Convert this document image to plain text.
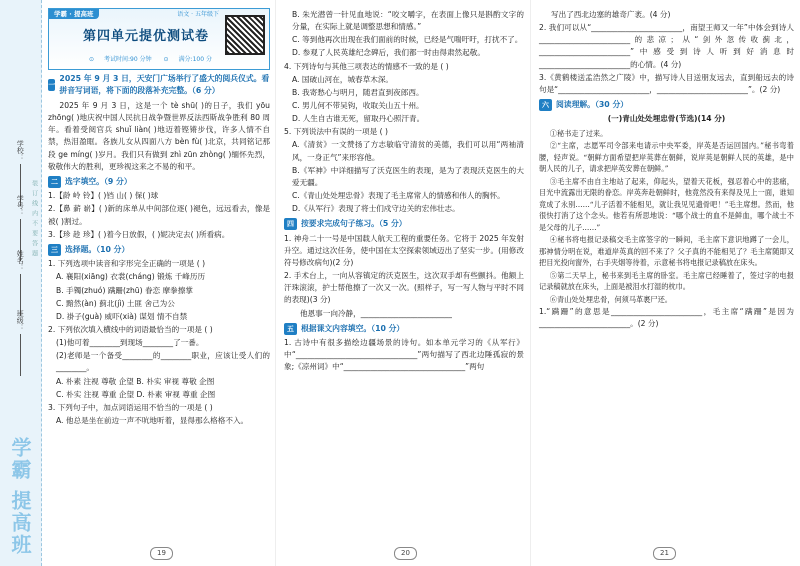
学校：
学号：
姓名：
班级：
装订线内不要答题
学霸 提高班
学霸 · 提高班	语文 · 五年级下
第四单元提优测试卷
⊙ 考试时间:90 分钟 ⊙ 满分:100 分
一
2025 年 9 月 3 日，天安门广场举行了盛大的阅兵仪式。看拼音写词语，将下面的段落补充完整。（6 分）
2025 年 9 月 3 日，这是一个 tè shū( )的日子，我们 yōu zhōng( )地庆祝中国人民抗日战争暨世界反法西斯战争胜利 80 周年。看着受阅官兵 shuǐ liàn( )地迈着铿锵步伐，许多人情不自禁，热泪盈眶。各族儿女从四面八方 bèn fù( )北京，共同铭记那段 ge míng( )岁月。我们只有做到 zhì zūn zhòng( )缅怀先烈，敬敬伟大的胜利，更珍视这来之不易的和平。
二 选字填空。（9 分）
1.【龄 岭 铃】( )铛 山( ) 保( )球
2.【鼻 薪 崭】( )新的床单从中间部位逐( )褪色，远远看去，像是被( )割过。
3.【珍 趁 珍】( )着今日放假，( )妮决定去( )所看病。
三 选择题。（10 分）
1. 下列选项中读音和字形完全正确的一项是 ( )
A. 襄阳(xiāng) 衣裳(cháng) 锻炼 千峰历历
B. 手镯(zhuó) 蹒跚(zhū) 眷恋 摩拳擦掌
C. 黯然(àn) 蓟北(jì) 土匪 舍己为公
D. 褂子(guà) 威吓(xià) 谋划 情不自禁
2. 下列依次填入横线中的词语最恰当的一项是 ( )
(1)他可着________到现场________了一番。
(2)老师是一个备受________的________职业，应该让受人们的________。
A. 朴素 注视 尊敬 企望 B. 朴实 审视 尊敬 企图
C. 朴实 注视 尊重 企望 D. 朴素 审视 尊重 企图
3. 下列句子中，加点词语运用不恰当的一项是 ( )
A. 他总是坐在前边一声不吭地听着，显得那么格格不入。
19
B. 朱光潜曾一针见血地说：“咬文嚼字，在表面上像只是斟酌文字的分量，在实际上就是调整思想和情感。”
C. 等到他再次出现在我们面前的时候，已经是气喘吁吁，打扰不了。
D. 参观了人民英雄纪念碑后，我们都一时由得肃然起敬。
4. 下列诗句与其他三项表达的情感不一致的是 ( )
A. 国破山河在，城春草木深。
B. 我寄愁心与明月，随君直到夜郎西。
C. 男儿何不带吴钩，收取关山五十州。
D. 人生自古谁无死，留取丹心照汗青。
5. 下列说法中有误的一项是 ( )
A.《清贫》一文赞扬了方志敏临守清贫的美德，我们可以用“两袖清风，一身正气”来形容他。
B.《军神》中详细描写了沃克医生的表现，是为了表现沃克医生的大爱无疆。
C.《青山处处埋忠骨》表现了毛主席常人的情感和伟人的胸怀。
D.《从军行》表现了将士们戍守边关的宏伟壮志。
四 按要求完成句子练习。（5 分）
1. 神舟二十一号是中国载人航天工程的重要任务。它将于 2025 年发射升空。通过这次任务，使中国在太空探索领域迈出了坚实一步。(用修改符号修改病句)(2 分)
2. 手术台上，一向从容镇定的沃克医生，这次双手却有些颤抖。他额上汗珠滚滚，护士帮他擦了一次又一次。(照样子，写一写人物与平时不同的表现)(3 分)
他恩事一向冷静，________________________
五 根据课文内容填空。（10 分）
1. 古诗中有很多描绘边疆场景的诗句。如本单元学习的《从军行》中“________________________________”两句描写了西北边陲孤寂的景象;《凉州词》中“________________________________”两句
20
写出了西北边塞的雄奇广袤。(4 分)
2. 我们可以从“________________________，南望王师又一年”中体会到诗人________________________的悲凉；从“剑外忽传收蓟北，________________________”中感受到诗人听到好消息时________________________的心情。(4 分)
3.《黄鹤楼送孟浩然之广陵》中，描写诗人目送朋友远去，直到船远去的诗句是“________________________，________________________”。(2 分)
六 阅读理解。（30 分）
(一)青山处处埋忠骨(节选)(14 分)
①秘书走了过来。
②“主席，志愿军司令部来电请示中央军委，岸英是否运回国内。”秘书弯着腰，轻声说。“朝鲜方面希望把岸英葬在朝鲜，说岸英是朝鲜人民的英雄，是中朝人民的儿子，请求把岸英安葬在朝鲜。”
③毛主席不由自主地站了起来，仰起头，望着天花板，强忍着心中的悲痛，目光中流露出无限的眷恋。岸英奔赴朝鲜时，他竟然没有来得及见上一面，谁知竟成了永别……“儿子活着不能相见，就让我见见遗骨吧！”毛主席想。然而，他很快打消了这个念头。他若有所思地说：“哪个战士的血不是鲜血，哪个战士不是父母的儿子……”
④秘书将电报记录稿交毛主席签字的一瞬间，毛主席下意识地蹲了一会儿，那神情分明在说，难道岸英真的回不来了？父子真的不能相见了？毛主席随即又把目光投向窗外，右手夹烟等待着，示意秘书将电报记录稿放在床头。
⑤第二天早上，秘书来到毛主席的卧室。毛主席已经睡着了，签过字的电报记录稿就放在床头，上面是被泪水打湿的枕巾。
⑥青山处处埋忠骨，何须马革裹尸还。
1.“蹒跚”的意思是________________________，毛主席“蹒跚”是因为________________________。(2 分)
21
